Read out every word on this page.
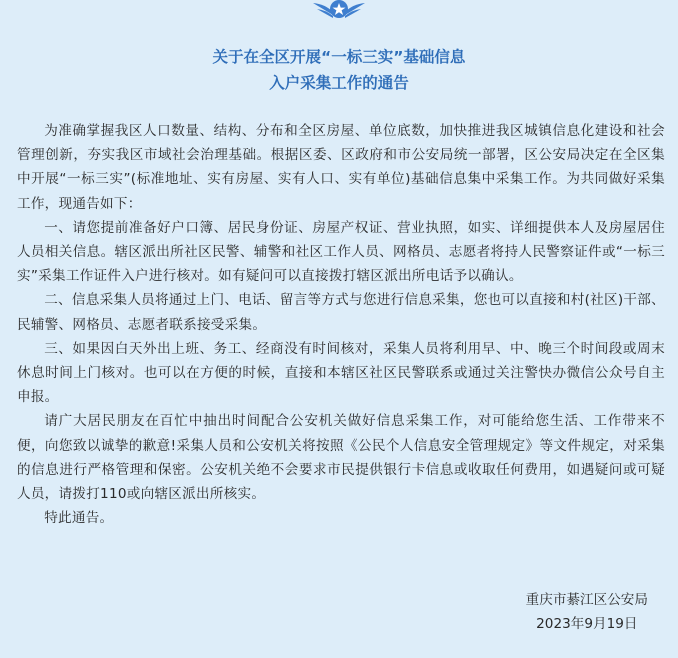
关于在全区开展“一标三实”基础信息
入户采集工作的通告

为准确掌握我区人口数量、结构、分布和全区房屋、单位底数，加快推进我区城镇信息化建设和社会管理创新，夯实我区市域社会治理基础。根据区委、区政府和市公安局统一部署，区公安局决定在全区集中开展“一标三实”(标准地址、实有房屋、实有人口、实有单位)基础信息集中采集工作。为共同做好采集工作，现通告如下：

一、请您提前准备好户口簿、居民身份证、房屋产权证、营业执照，如实、详细提供本人及房屋居住人员相关信息。辖区派出所社区民警、辅警和社区工作人员、网格员、志愿者将持人民警察证件或“一标三实”采集工作证件入户进行核对。如有疑问可以直接拨打辖区派出所电话予以确认。

二、信息采集人员将通过上门、电话、留言等方式与您进行信息采集，您也可以直接和村(社区)干部、民辅警、网格员、志愿者联系接受采集。

三、如果因白天外出上班、务工、经商没有时间核对，采集人员将利用早、中、晚三个时间段或周末休息时间上门核对。也可以在方便的时候，直接和本辖区社区民警联系或通过关注警快办微信公众号自主申报。

请广大居民朋友在百忙中抽出时间配合公安机关做好信息采集工作，对可能给您生活、工作带来不便，向您致以诚挚的歉意!采集人员和公安机关将按照《公民个人信息安全管理规定》等文件规定，对采集的信息进行严格管理和保密。公安机关绝不会要求市民提供银行卡信息或收取任何费用，如遇疑问或可疑人员，请拨打110或向辖区派出所核实。

特此通告。

重庆市綦江区公安局
2023年9月19日
